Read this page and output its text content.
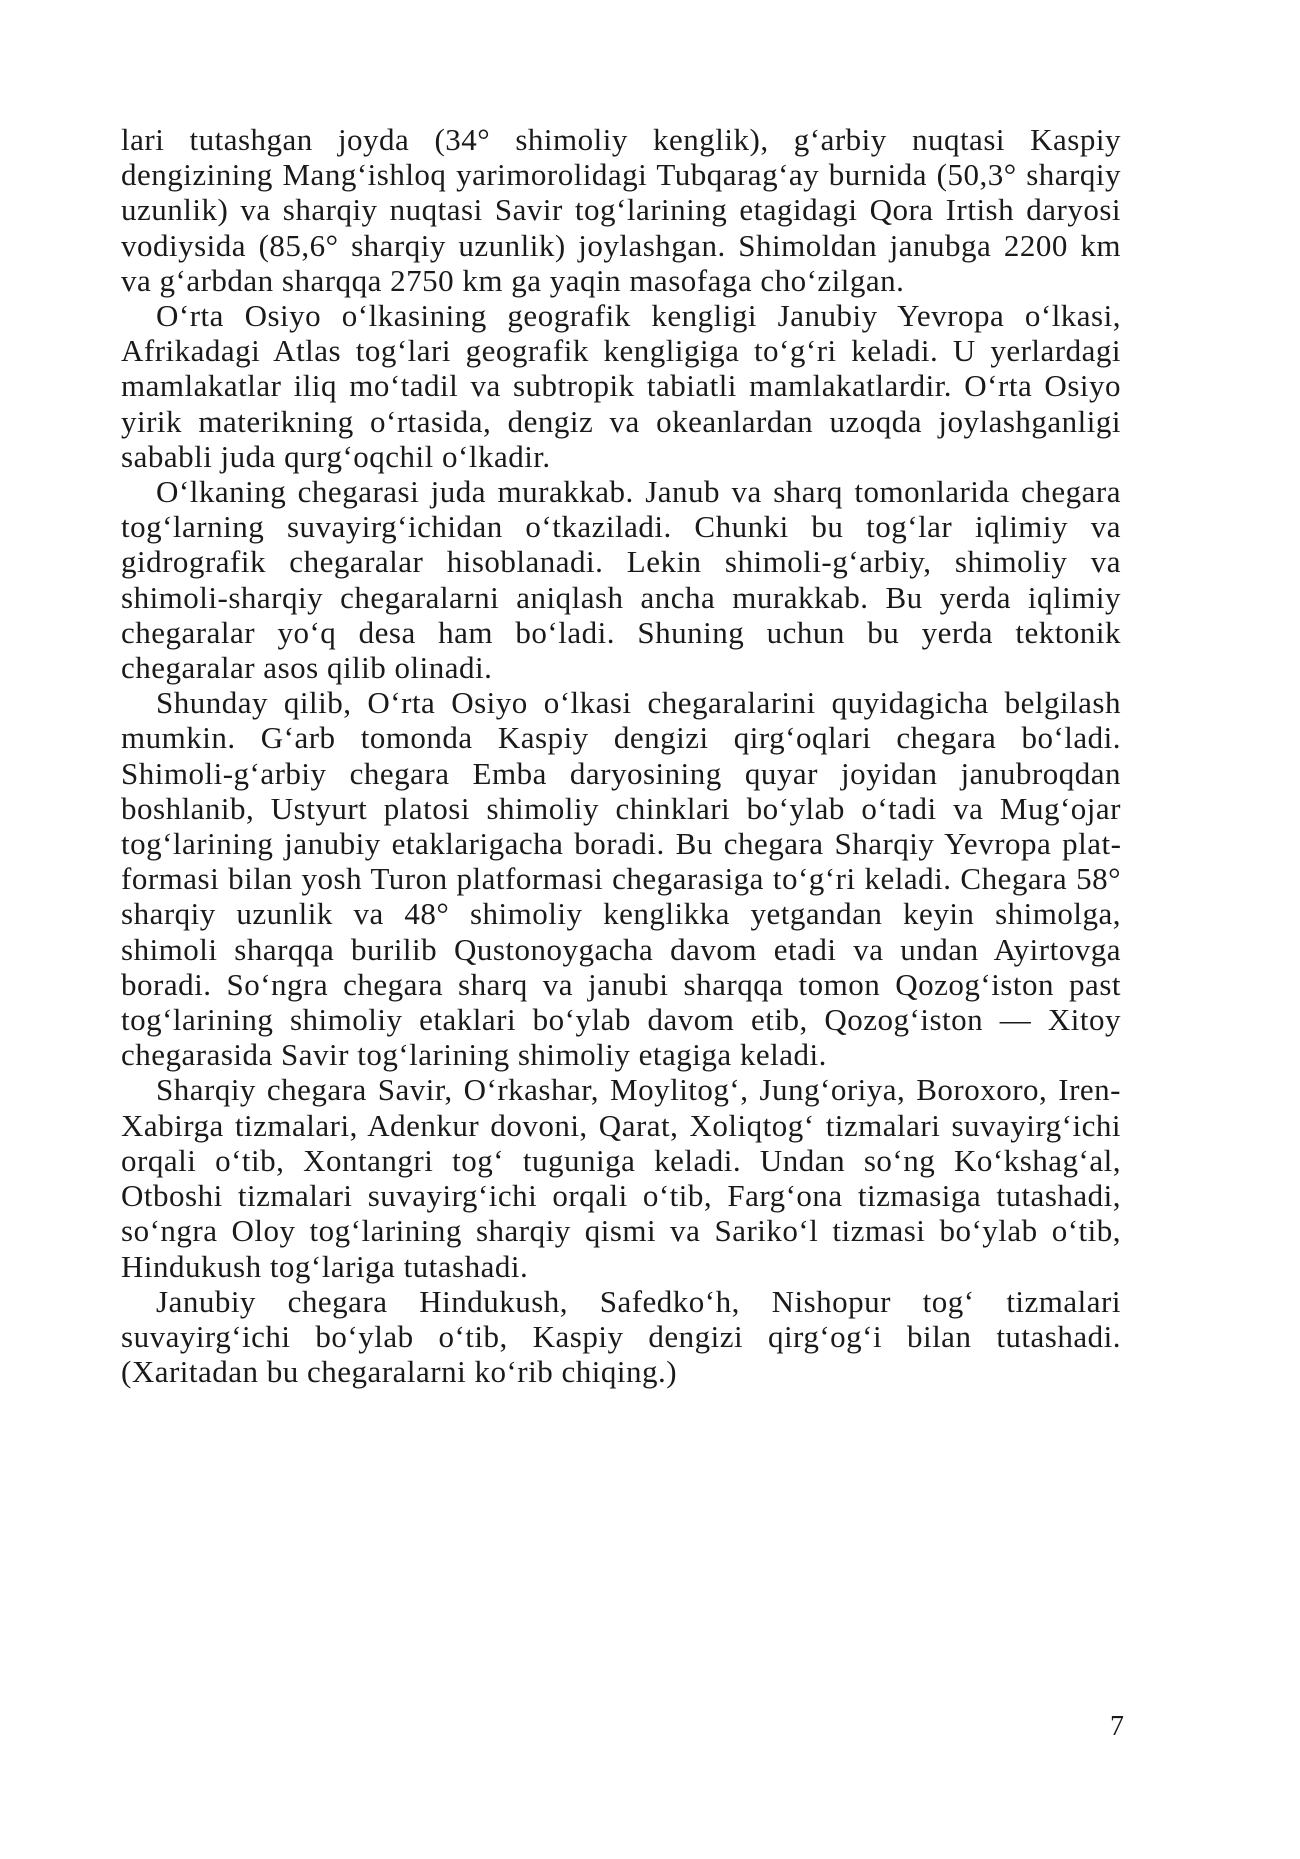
lari tutashgan joyda (34° shimoliy kenglik), g‘arbiy nuqtasi Kaspiy dengizining Mang‘ishloq yarimorolidagi Tubqarag‘ay burnida (50,3° sharqiy uzunlik) va sharqiy nuqtasi Savir tog‘larining etagidagi Qora Irtish daryosi vodiysida (85,6° sharqiy uzunlik) joylashgan. Shimoldan janubga 2200 km va g‘arbdan sharqqa 2750 km ga yaqin masofaga cho‘zilgan.

O‘rta Osiyo o‘lkasining geografik kengligi Janubiy Yevropa o‘lkasi, Afrikadagi Atlas tog‘lari geografik kengligiga to‘g‘ri keladi. U yerlardagi mamlakatlar iliq mo‘tadil va subtropik tabiatli mamlakatlardir. O‘rta Osiyo yirik materikning o‘rtasida, dengiz va okeanlardan uzoqda joylashganligi sababli juda qurg‘oqchil o‘lkadir.

O‘lkaning chegarasi juda murakkab. Janub va sharq tomonlarida chegara tog‘larning suvayirg‘ichidan o‘tkaziladi. Chunki bu tog‘lar iqlimiy va gidrografik chegaralar hisoblanadi. Lekin shimoli-g‘arbiy, shimoliy va shimoli-sharqiy chegaralarni aniqlash ancha murakkab. Bu yerda iqlimiy chegaralar yo‘q desa ham bo‘ladi. Shuning uchun bu yerda tektonik chegaralar asos qilib olinadi.

Shunday qilib, O‘rta Osiyo o‘lkasi chegaralarini quyidagicha belgilash mumkin. G‘arb tomonda Kaspiy dengizi qirg‘oqlari chegara bo‘ladi. Shimoli-g‘arbiy chegara Emba daryosining quyar joyidan janubroqdan boshlanib, Ustyurt platosi shimoliy chinklari bo‘ylab o‘tadi va Mug‘ojar tog‘larining janubiy etaklarigacha boradi. Bu chegara Sharqiy Yevropa platformasi bilan yosh Turon platformasi chegarasiga to‘g‘ri keladi. Chegara 58° sharqiy uzunlik va 48° shimoliy kenglikka yetgandan keyin shimolga, shimoli sharqqa burilib Qustonoygacha davom etadi va undan Ayirtovga boradi. So‘ngra chegara sharq va janubi sharqqa tomon Qozog‘iston past tog‘larining shimoliy etaklari bo‘ylab davom etib, Qozog‘iston — Xitoy chegarasida Savir tog‘larining shimoliy etagiga keladi.

Sharqiy chegara Savir, O‘rkashar, Moylitog‘, Jung‘oriya, Boroxoro, Iren-Xabirga tizmalari, Adenkur dovoni, Qarat, Xoliqtog‘ tizmalari suvayirg‘ichi orqali o‘tib, Xontangri tog‘ tuguniga keladi. Undan so‘ng Ko‘kshag‘al, Otboshi tizmalari suvayirg‘ichi orqali o‘tib, Farg‘ona tizmasiga tutashadi, so‘ngra Oloy tog‘larining sharqiy qismi va Sariko‘l tizmasi bo‘ylab o‘tib, Hindukush tog‘lariga tutashadi.

Janubiy chegara Hindukush, Safedko‘h, Nishopur tog‘ tizmalari suvayirg‘ichi bo‘ylab o‘tib, Kaspiy dengizi qirg‘og‘i bilan tutashadi. (Xaritadan bu chegaralarni ko‘rib chiqing.)

7
